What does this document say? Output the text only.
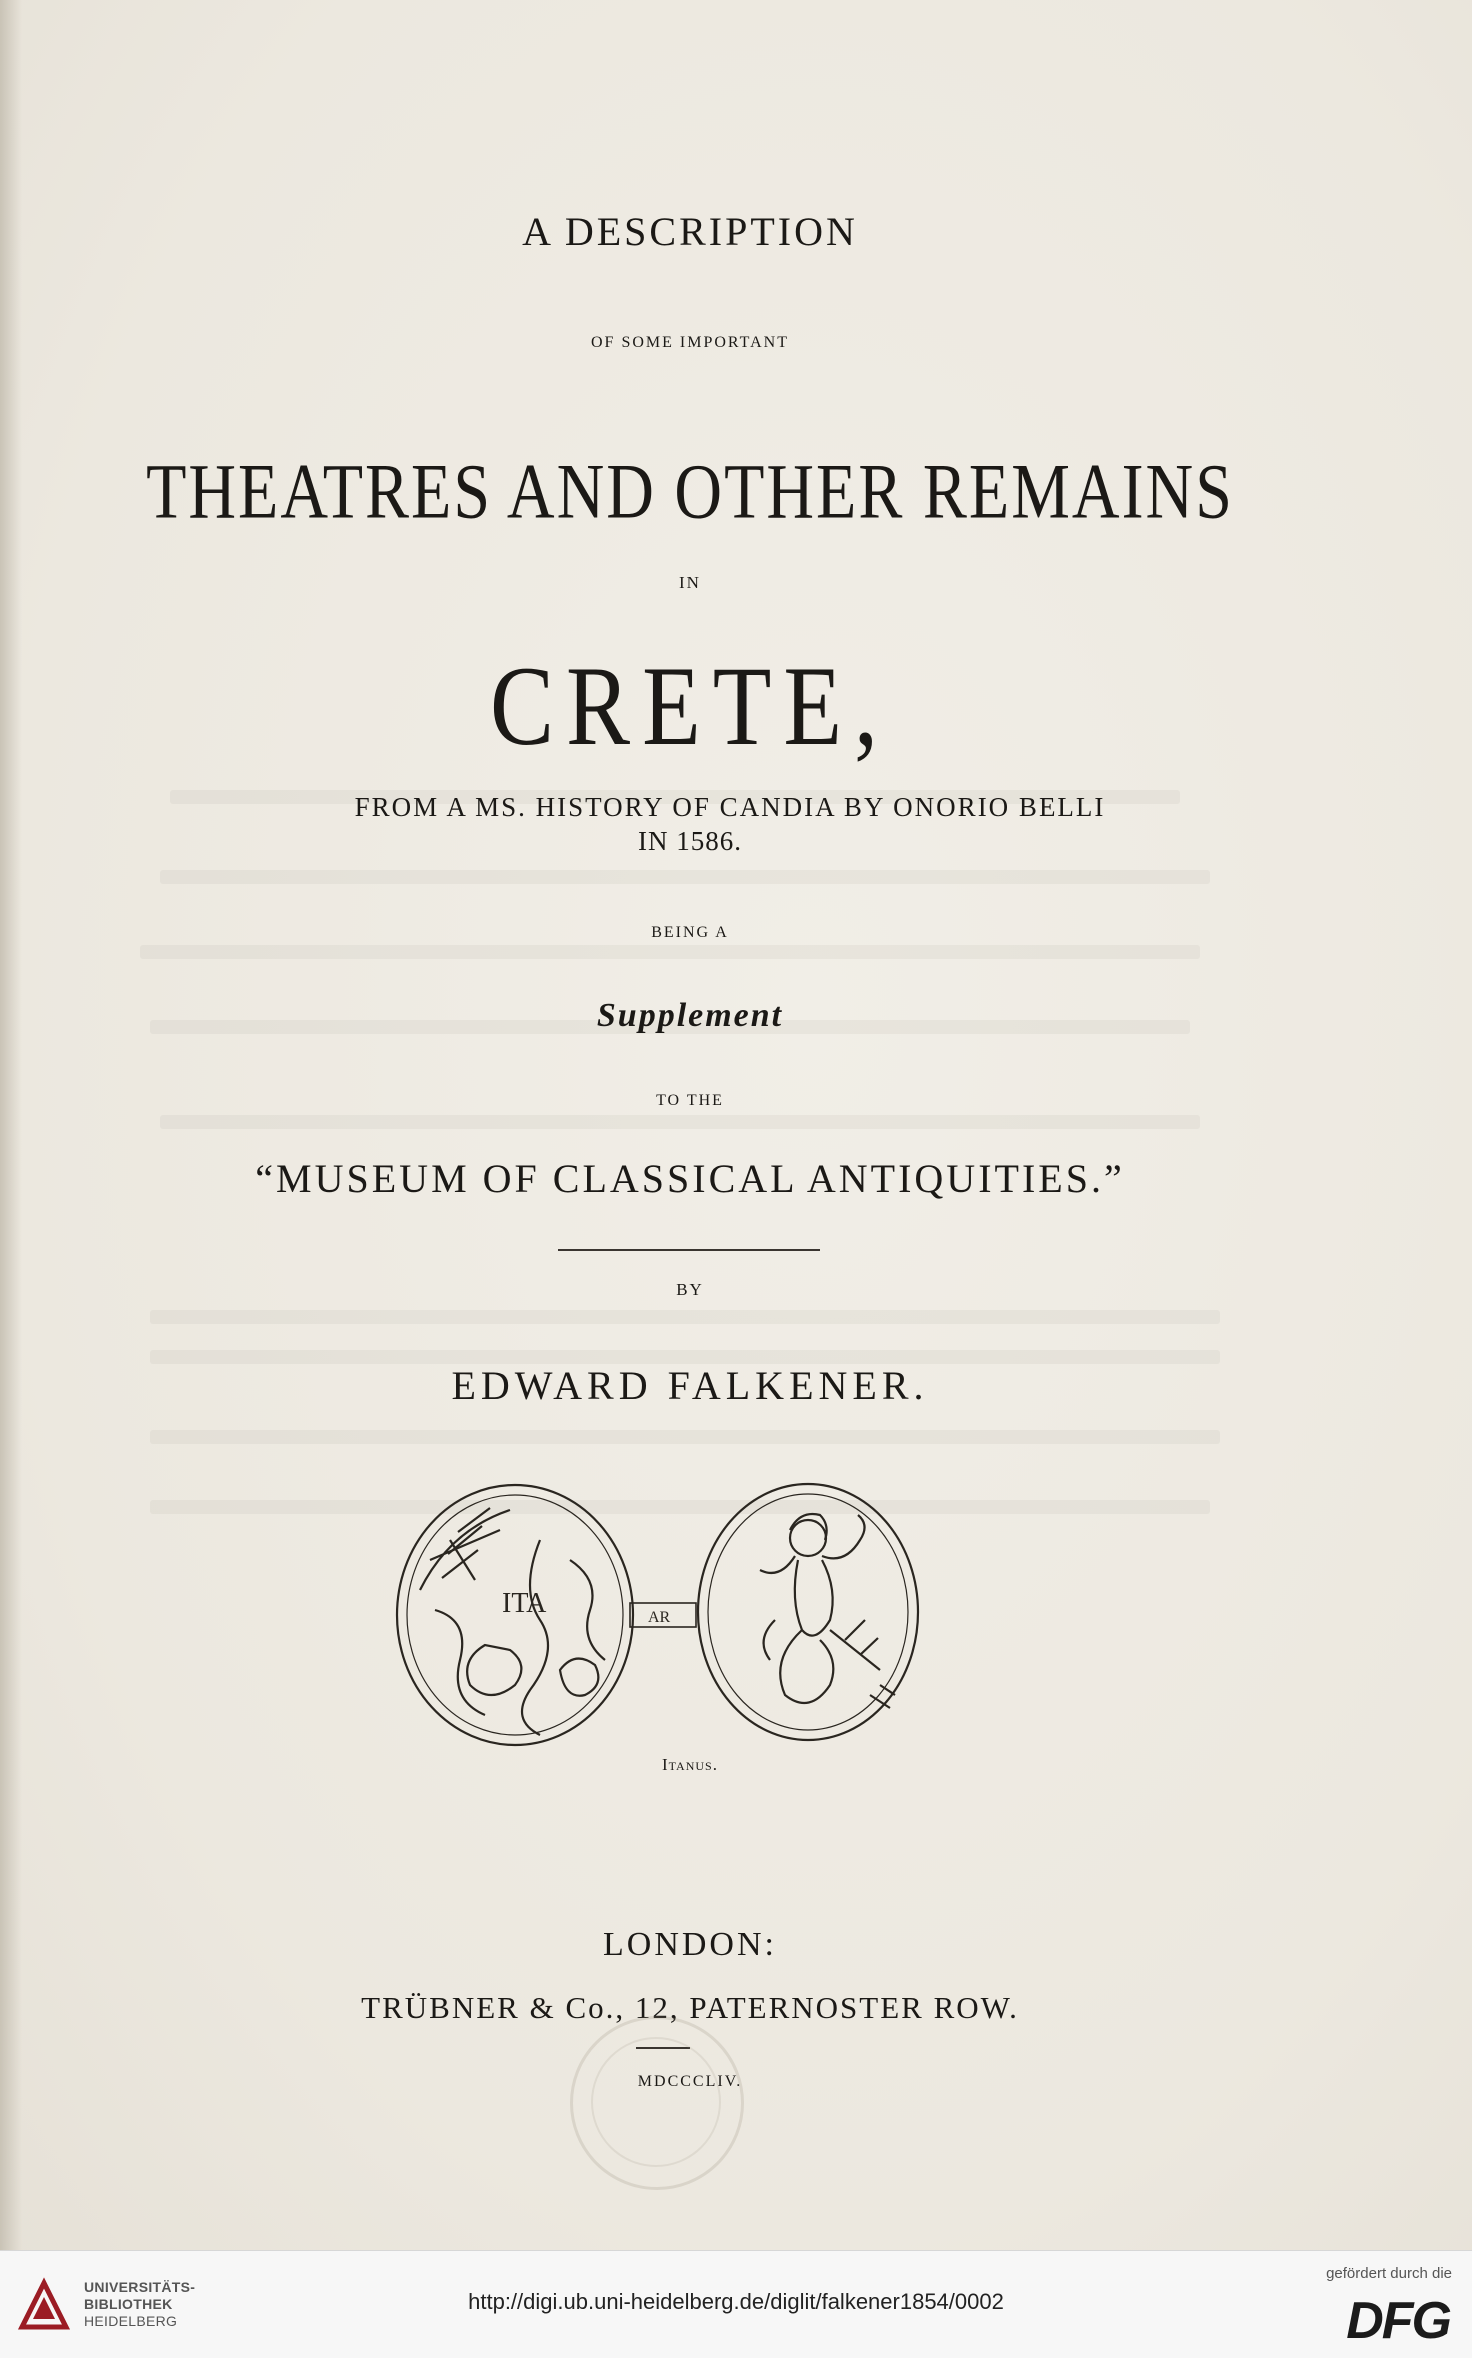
A DESCRIPTION
OF SOME IMPORTANT
THEATRES AND OTHER REMAINS
IN
CRETE,
FROM A MS. HISTORY OF CANDIA BY ONORIO BELLI
IN 1586.
BEING A
Supplement
TO THE
“MUSEUM OF CLASSICAL ANTIQUITIES.”
BY
EDWARD FALKENER.
ITA	AR
Itanus.
LONDON:
TRÜBNER & Co., 12, PATERNOSTER ROW.
MDCCCLIV.
UNIVERSITÄTS-
BIBLIOTHEK
HEIDELBERG
http://digi.ub.uni-heidelberg.de/diglit/falkener1854/0002
gefördert durch die
DFG
